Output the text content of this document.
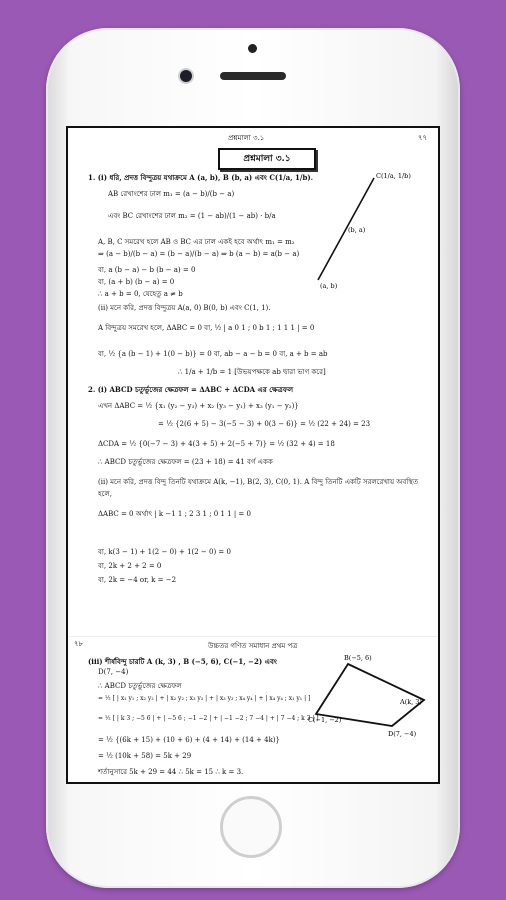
প্রশ্নমালা ৩.১	৭৭
প্রশ্নমালা ৩.১
1. (i) ধরি, প্রদত্ত বিন্দুত্রয় যথাক্রমে A (a, b), B (b, a) এবং C(1/a, 1/b).
AB রেখাংশের ঢাল m₁ = (a − b)/(b − a)
এবং BC রেখাংশের ঢাল m₂ = (1 − ab)/(1 − ab) · b/a
A, B, C সমরেখ হলে AB ও BC এর ঢাল একই হবে অর্থাৎ m₁ = m₂
⇒ (a − b)/(b − a) = (b − a)/(b − a) ⇒ b (a − b) = a(b − a)
বা, a (b − a) − b (b − a) = 0
বা, (a + b) (b − a) = 0
∴ a + b = 0, যেহেতু a ≠ b
(ii) মনে করি, প্রদত্ত বিন্দুত্রয় A(a, 0) B(0, b) এবং C(1, 1).
A বিন্দুত্রয় সমরেখ হলে, ΔABC = 0 বা, ½ | a 0 1 ; 0 b 1 ; 1 1 1 | = 0
বা, ½ {a (b − 1) + 1(0 − b)} = 0 বা, ab − a − b = 0 বা, a + b = ab
∴ 1/a + 1/b = 1 [উভয়পক্ষকে ab দ্বারা ভাগ করে]
2. (i) ABCD চতুর্ভুজের ক্ষেত্রফল = ΔABC + ΔCDA এর ক্ষেত্রফল
এখন ΔABC = ½ {x₁ (y₂ − y₃) + x₂ (y₃ − y₁) + x₃ (y₁ − y₂)}
= ½ {2(6 + 5) − 3(−5 − 3) + 0(3 − 6)} = ½ (22 + 24) = 23
ΔCDA = ½ {0(−7 − 3) + 4(3 + 5) + 2(−5 + 7)} = ½ (32 + 4) = 18
∴ ABCD চতুর্ভুজের ক্ষেত্রফল = (23 + 18) = 41 বর্গ একক
(ii) মনে করি, প্রদত্ত বিন্দু তিনটি যথাক্রমে A(k, −1), B(2, 3), C(0, 1). A বিন্দু তিনটি একটি সরলরেখায় অবস্থিত
হলে,
ΔABC = 0 অর্থাৎ | k −1 1 ; 2 3 1 ; 0 1 1 | = 0
বা, k(3 − 1) + 1(2 − 0) + 1(2 − 0) = 0
বা, 2k + 2 + 2 = 0
বা, 2k = −4 or, k = −2
C(1/a, 1/b)
(b, a)
(a, b)
৭৮	উচ্চতর গণিত সমাধান প্রথম পত্র
(iii) শীর্ষবিন্দু চারটি A (k, 3) , B (−5, 6), C(−1, −2) এবং
D(7, −4)
∴ ABCD চতুর্ভুজের ক্ষেত্রফল
= ½ [ | x₁ y₁ ; x₂ y₂ | + | x₂ y₂ ; x₃ y₃ | + | x₃ y₃ ; x₄ y₄ | + | x₄ y₄ ; x₁ y₁ | ]
= ½ [ | k 3 ; −5 6 | + | −5 6 ; −1 −2 | + | −1 −2 ; 7 −4 | + | 7 −4 ; k 3 | ]
= ½ {(6k + 15) + (10 + 6) + (4 + 14) + (14 + 4k)}
= ½ (10k + 58) = 5k + 29
শর্তানুসারে 5k + 29 = 44 ∴ 5k = 15 ∴ k = 3.
B(−5, 6)
A(k, 3)
C(−1, −2)
D(7, −4)
